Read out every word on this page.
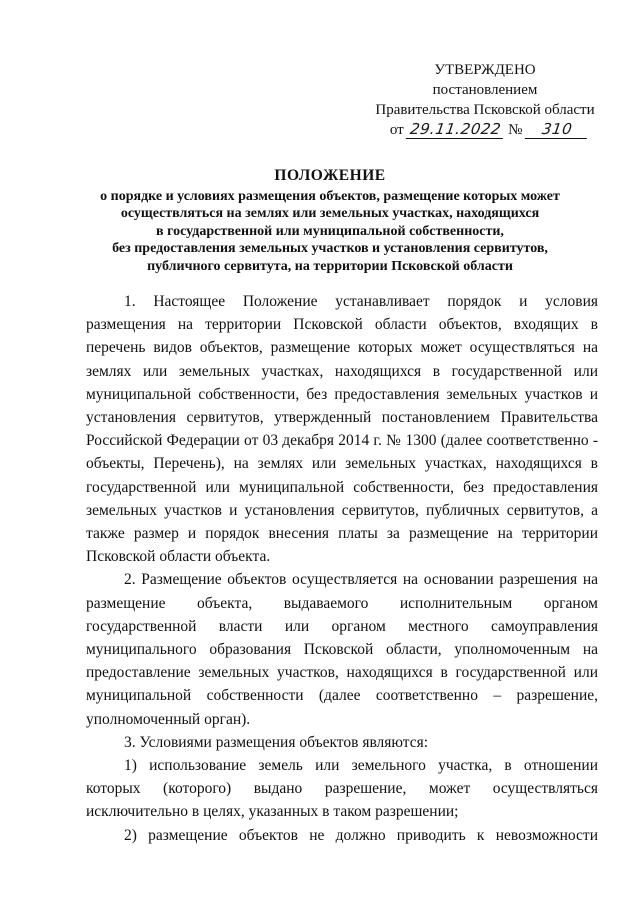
УТВЕРЖДЕНО
постановлением
Правительства Псковской области
от 29.11.2022 № 310
ПОЛОЖЕНИЕ
о порядке и условиях размещения объектов, размещение которых может
осуществляться на землях или земельных участках, находящихся
в государственной или муниципальной собственности,
без предоставления земельных участков и установления сервитутов,
публичного сервитута, на территории Псковской области

1. Настоящее Положение устанавливает порядок и условия размещения на территории Псковской области объектов, входящих в перечень видов объектов, размещение которых может осуществляться на землях или земельных участках, находящихся в государственной или муниципальной собственности, без предоставления земельных участков и установления сервитутов, утвержденный постановлением Правительства Российской Федерации от 03 декабря 2014 г. № 1300 (далее соответственно - объекты, Перечень), на землях или земельных участках, находящихся в государственной или муниципальной собственности, без предоставления земельных участков и установления сервитутов, публичных сервитутов, а также размер и порядок внесения платы за размещение на территории Псковской области объекта.

2. Размещение объектов осуществляется на основании разрешения на размещение объекта, выдаваемого исполнительным органом государственной власти или органом местного самоуправления муниципального образования Псковской области, уполномоченным на предоставление земельных участков, находящихся в государственной или муниципальной собственности (далее соответственно – разрешение, уполномоченный орган).

3. Условиями размещения объектов являются:

1) использование земель или земельного участка, в отношении которых (которого) выдано разрешение, может осуществляться исключительно в целях, указанных в таком разрешении;

2) размещение объектов не должно приводить к невозможности
